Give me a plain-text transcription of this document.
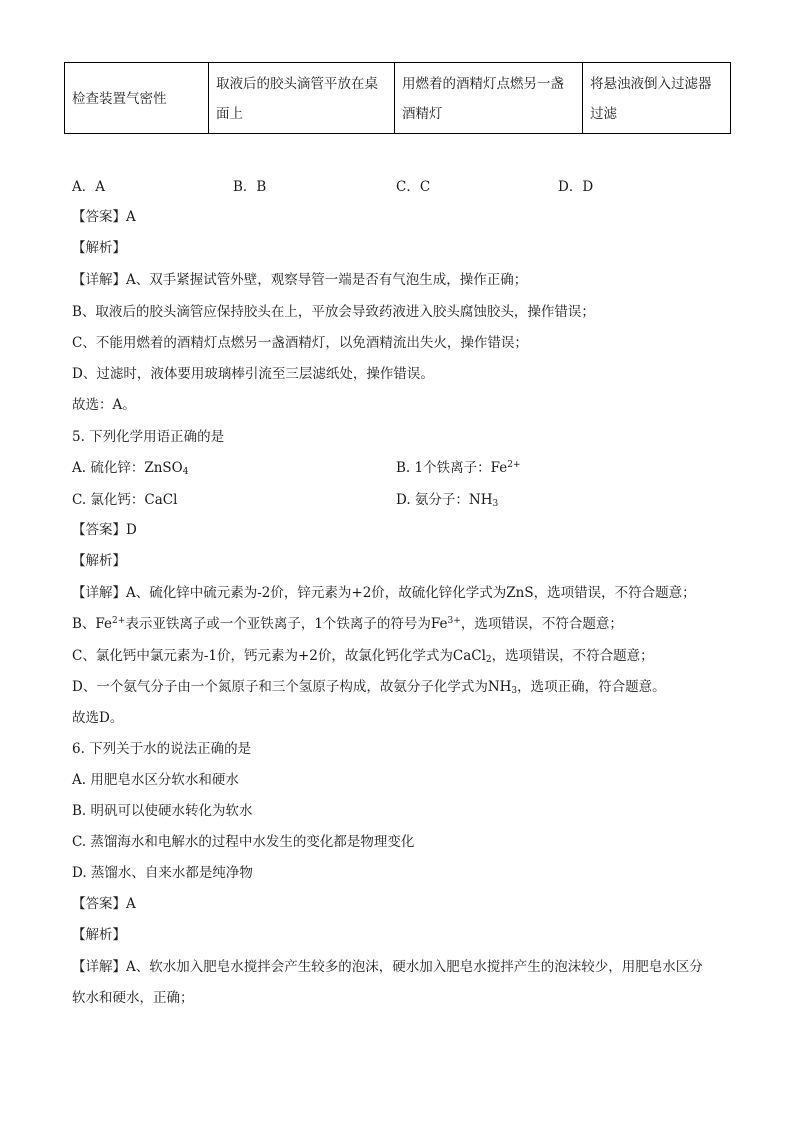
检查装置气密性	取液后的胶头滴管平放在桌面上	用燃着的酒精灯点燃另一盏酒精灯	将悬浊液倒入过滤器过滤
A．A	B．B	C．C	D．D
【答案】A
【解析】
【详解】A、双手紧握试管外壁，观察导管一端是否有气泡生成，操作正确；
B、取液后的胶头滴管应保持胶头在上，平放会导致药液进入胶头腐蚀胶头，操作错误；
C、不能用燃着的酒精灯点燃另一盏酒精灯，以免酒精流出失火，操作错误；
D、过滤时，液体要用玻璃棒引流至三层滤纸处，操作错误。
故选：A。
5. 下列化学用语正确的是
A. 硫化锌：ZnSO$_4$	B. 1个铁离子：$Fe^{2+}$
C. 氯化钙：CaCl	D. 氨分子：$NH_3$
【答案】D
【解析】
【详解】A、硫化锌中硫元素为-2价，锌元素为+2价，故硫化锌化学式为ZnS，选项错误，不符合题意；
B、$Fe^{2+}$表示亚铁离子或一个亚铁离子，1个铁离子的符号为$Fe^{3+}$，选项错误，不符合题意；
C、氯化钙中氯元素为-1价，钙元素为+2价，故氯化钙化学式为CaCl$_2$，选项错误，不符合题意；
D、一个氨气分子由一个氮原子和三个氢原子构成，故氨分子化学式为$NH_3$，选项正确，符合题意。
故选D。
6. 下列关于水的说法正确的是
A. 用肥皂水区分软水和硬水
B. 明矾可以使硬水转化为软水
C. 蒸馏海水和电解水的过程中水发生的变化都是物理变化
D. 蒸馏水、自来水都是纯净物
【答案】A
【解析】
【详解】A、软水加入肥皂水搅拌会产生较多的泡沫，硬水加入肥皂水搅拌产生的泡沫较少，用肥皂水区分
软水和硬水，正确；
